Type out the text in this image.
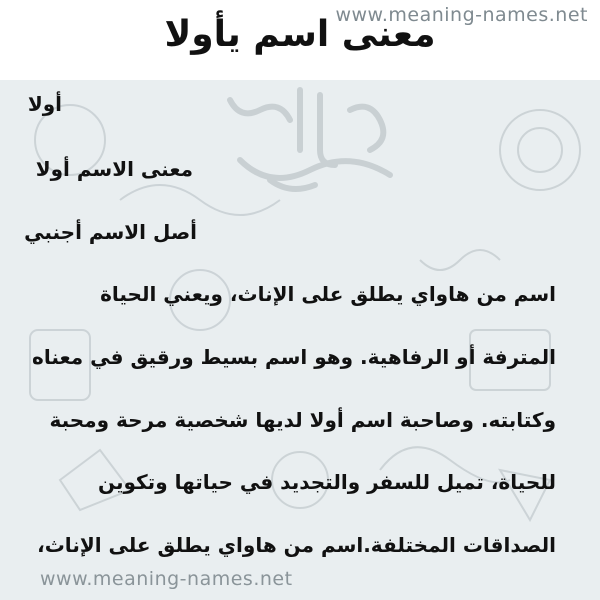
معنى اسم يأولا
www.meaning-names.net
أولا
معنى الاسم أولا
أصل الاسم أجنبي
اسم من هاواي يطلق على الإناث، ويعني الحياة
المترفة أو الرفاهية. وهو اسم بسيط ورقيق في معناه
وكتابته. وصاحبة اسم أولا لديها شخصية مرحة ومحبة
للحياة، تميل للسفر والتجديد في حياتها وتكوين
الصداقات المختلفة.اسم من هاواي يطلق على الإناث،
www.meaning-names.net
